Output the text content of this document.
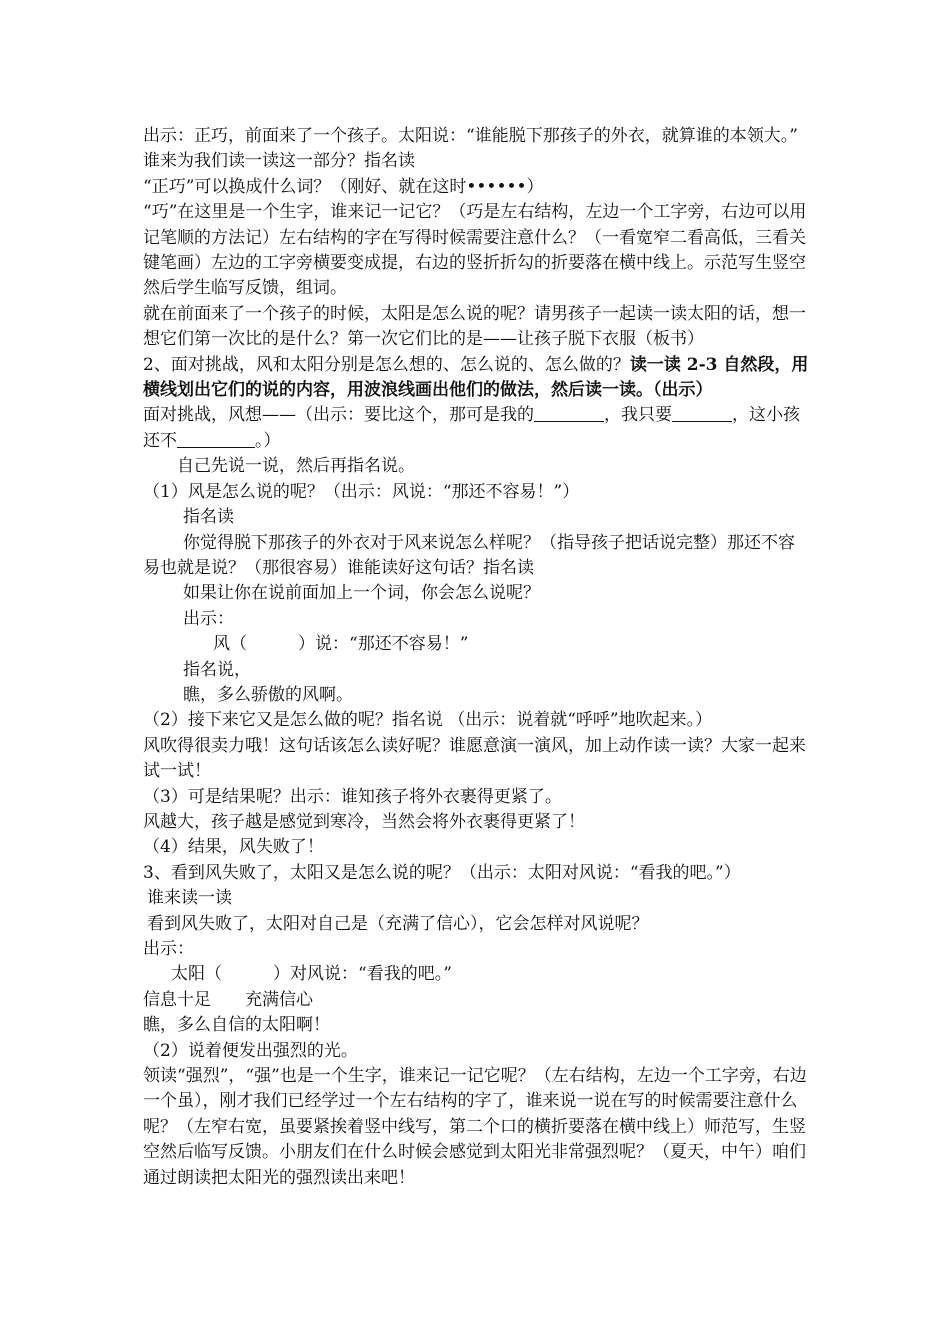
出示：正巧，前面来了一个孩子。太阳说：“谁能脱下那孩子的外衣，就算谁的本领大。”

谁来为我们读一读这一部分？指名读

“正巧”可以换成什么词？（刚好、就在这时••••••）

“巧”在这里是一个生字，谁来记一记它？（巧是左右结构，左边一个工字旁，右边可以用记笔顺的方法记）左右结构的字在写得时候需要注意什么？（一看宽窄二看高低，三看关键笔画）左边的工字旁横要变成提，右边的竖折折勾的折要落在横中线上。示范写生竖空然后学生临写反馈，组词。

就在前面来了一个孩子的时候，太阳是怎么说的呢？请男孩子一起读一读太阳的话，想一想它们第一次比的是什么？第一次它们比的是——让孩子脱下衣服（板书）

2、面对挑战，风和太阳分别是怎么想的、怎么说的、怎么做的？读一读 2-3 自然段，用横线划出它们的说的内容，用波浪线画出他们的做法，然后读一读。（出示）

面对挑战，风想——（出示：要比这个，那可是我的	，我只要	，这小孩还不	。）

自己先说一说，然后再指名说。

（1）风是怎么说的呢？（出示：风说：“那还不容易！”）

指名读

你觉得脱下那孩子的外衣对于风来说怎么样呢？（指导孩子把话说完整）那还不容易也就是说？（那很容易）谁能读好这句话？指名读

如果让你在说前面加上一个词，你会怎么说呢？

出示：

风（　　　）说：“那还不容易！”

指名说，

瞧，多么骄傲的风啊。

（2）接下来它又是怎么做的呢？指名说 （出示：说着就“呼呼”地吹起来。）

风吹得很卖力哦！这句话该怎么读好呢？谁愿意演一演风，加上动作读一读？大家一起来试一试！

（3）可是结果呢？出示：谁知孩子将外衣裹得更紧了。

风越大，孩子越是感觉到寒冷，当然会将外衣裹得更紧了！

（4）结果，风失败了！

3、看到风失败了，太阳又是怎么说的呢？（出示：太阳对风说：“看我的吧。”）

谁来读一读

看到风失败了，太阳对自己是（充满了信心），它会怎样对风说呢？

出示：

太阳（　　　）对风说：“看我的吧。”

信息十足　　充满信心

瞧，多么自信的太阳啊！

（2）说着便发出强烈的光。

领读“强烈”，“强”也是一个生字，谁来记一记它呢？（左右结构，左边一个工字旁，右边一个虽），刚才我们已经学过一个左右结构的字了，谁来说一说在写的时候需要注意什么呢？（左窄右宽，虽要紧挨着竖中线写，第二个口的横折要落在横中线上）师范写，生竖空然后临写反馈。小朋友们在什么时候会感觉到太阳光非常强烈呢？（夏天，中午）咱们通过朗读把太阳光的强烈读出来吧！
